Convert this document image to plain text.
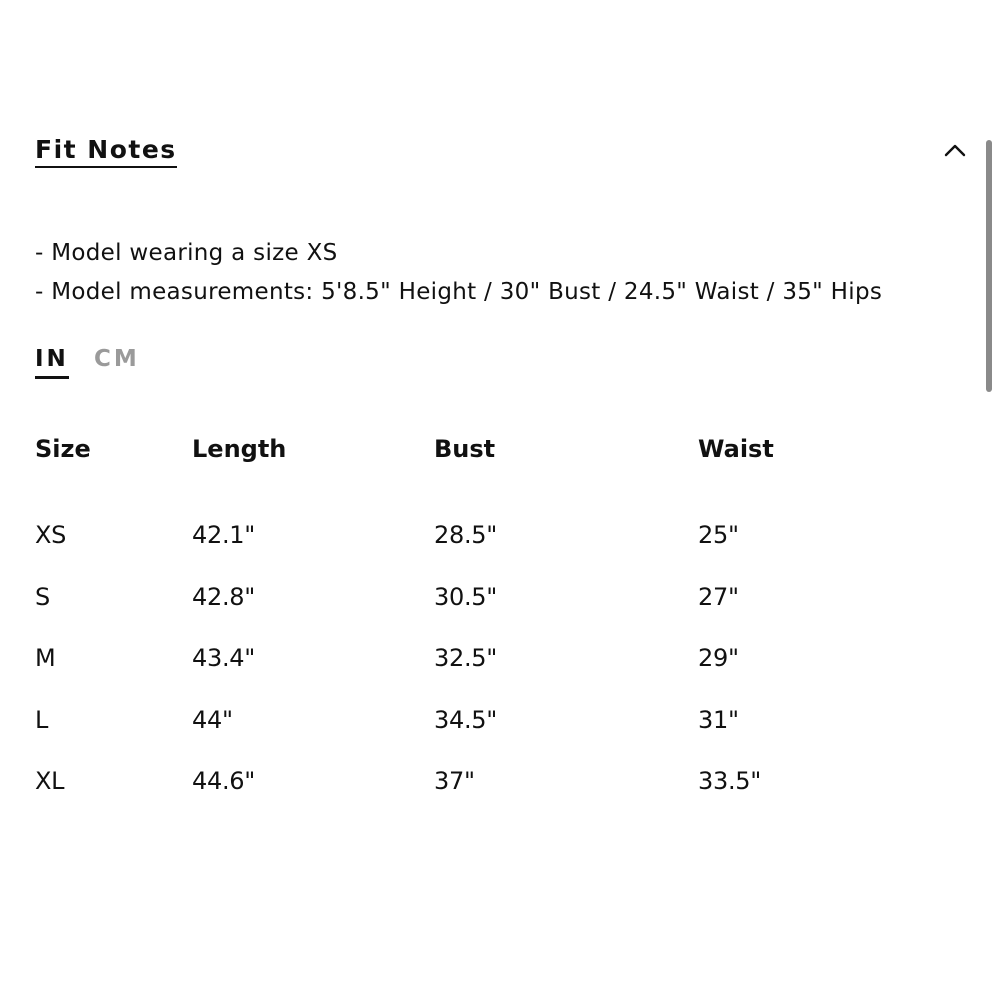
Fit Notes
- Model wearing a size XS
- Model measurements: 5'8.5" Height / 30" Bust / 24.5" Waist / 35" Hips
IN CM
Size	Length	Bust	Waist
XS	42.1"	28.5"	25"
S	42.8"	30.5"	27"
M	43.4"	32.5"	29"
L	44"	34.5"	31"
XL	44.6"	37"	33.5"
